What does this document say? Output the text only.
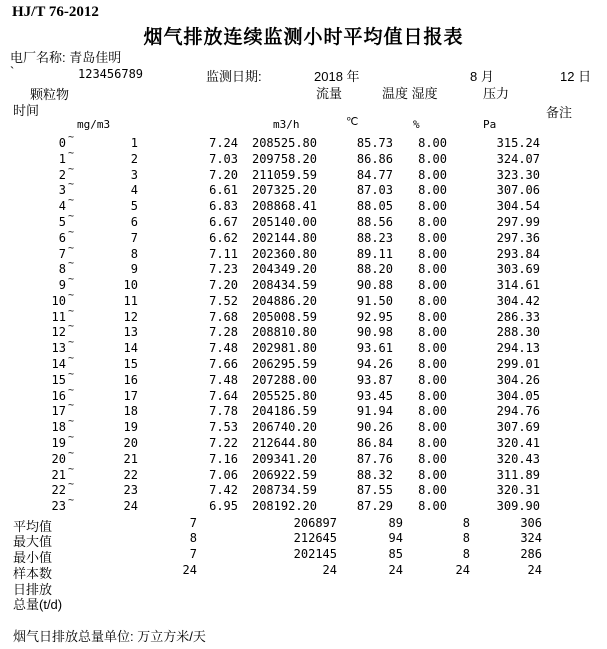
HJ/T 76-2012
烟气排放连续监测小时平均值日报表
电厂名称: 青岛佳明
`	123456789	监测日期:	2018 年	8 月	12 日
颗粒物	流量	温度 湿度	压力
时间	备注
mg/m3	m3/h	℃	%	Pa
0 ~	1	7.24	208525.80	85.73	8.00	315.24
1 ~	2	7.03	209758.20	86.86	8.00	324.07
2 ~	3	7.20	211059.59	84.77	8.00	323.30
3 ~	4	6.61	207325.20	87.03	8.00	307.06
4 ~	5	6.83	208868.41	88.05	8.00	304.54
5 ~	6	6.67	205140.00	88.56	8.00	297.99
6 ~	7	6.62	202144.80	88.23	8.00	297.36
7 ~	8	7.11	202360.80	89.11	8.00	293.84
8 ~	9	7.23	204349.20	88.20	8.00	303.69
9 ~	10	7.20	208434.59	90.88	8.00	314.61
10 ~	11	7.52	204886.20	91.50	8.00	304.42
11 ~	12	7.68	205008.59	92.95	8.00	286.33
12 ~	13	7.28	208810.80	90.98	8.00	288.30
13 ~	14	7.48	202981.80	93.61	8.00	294.13
14 ~	15	7.66	206295.59	94.26	8.00	299.01
15 ~	16	7.48	207288.00	93.87	8.00	304.26
16 ~	17	7.64	205525.80	93.45	8.00	304.05
17 ~	18	7.78	204186.59	91.94	8.00	294.76
18 ~	19	7.53	206740.20	90.26	8.00	307.69
19 ~	20	7.22	212644.80	86.84	8.00	320.41
20 ~	21	7.16	209341.20	87.76	8.00	320.43
21 ~	22	7.06	206922.59	88.32	8.00	311.89
22 ~	23	7.42	208734.59	87.55	8.00	320.31
23 ~	24	6.95	208192.20	87.29	8.00	309.90
平均值	7	206897	89	8	306
最大值	8	212645	94	8	324
最小值	7	202145	85	8	286
样本数	24	24	24	24	24
日排放
总量(t/d)
烟气日排放总量单位: 万立方米/天
